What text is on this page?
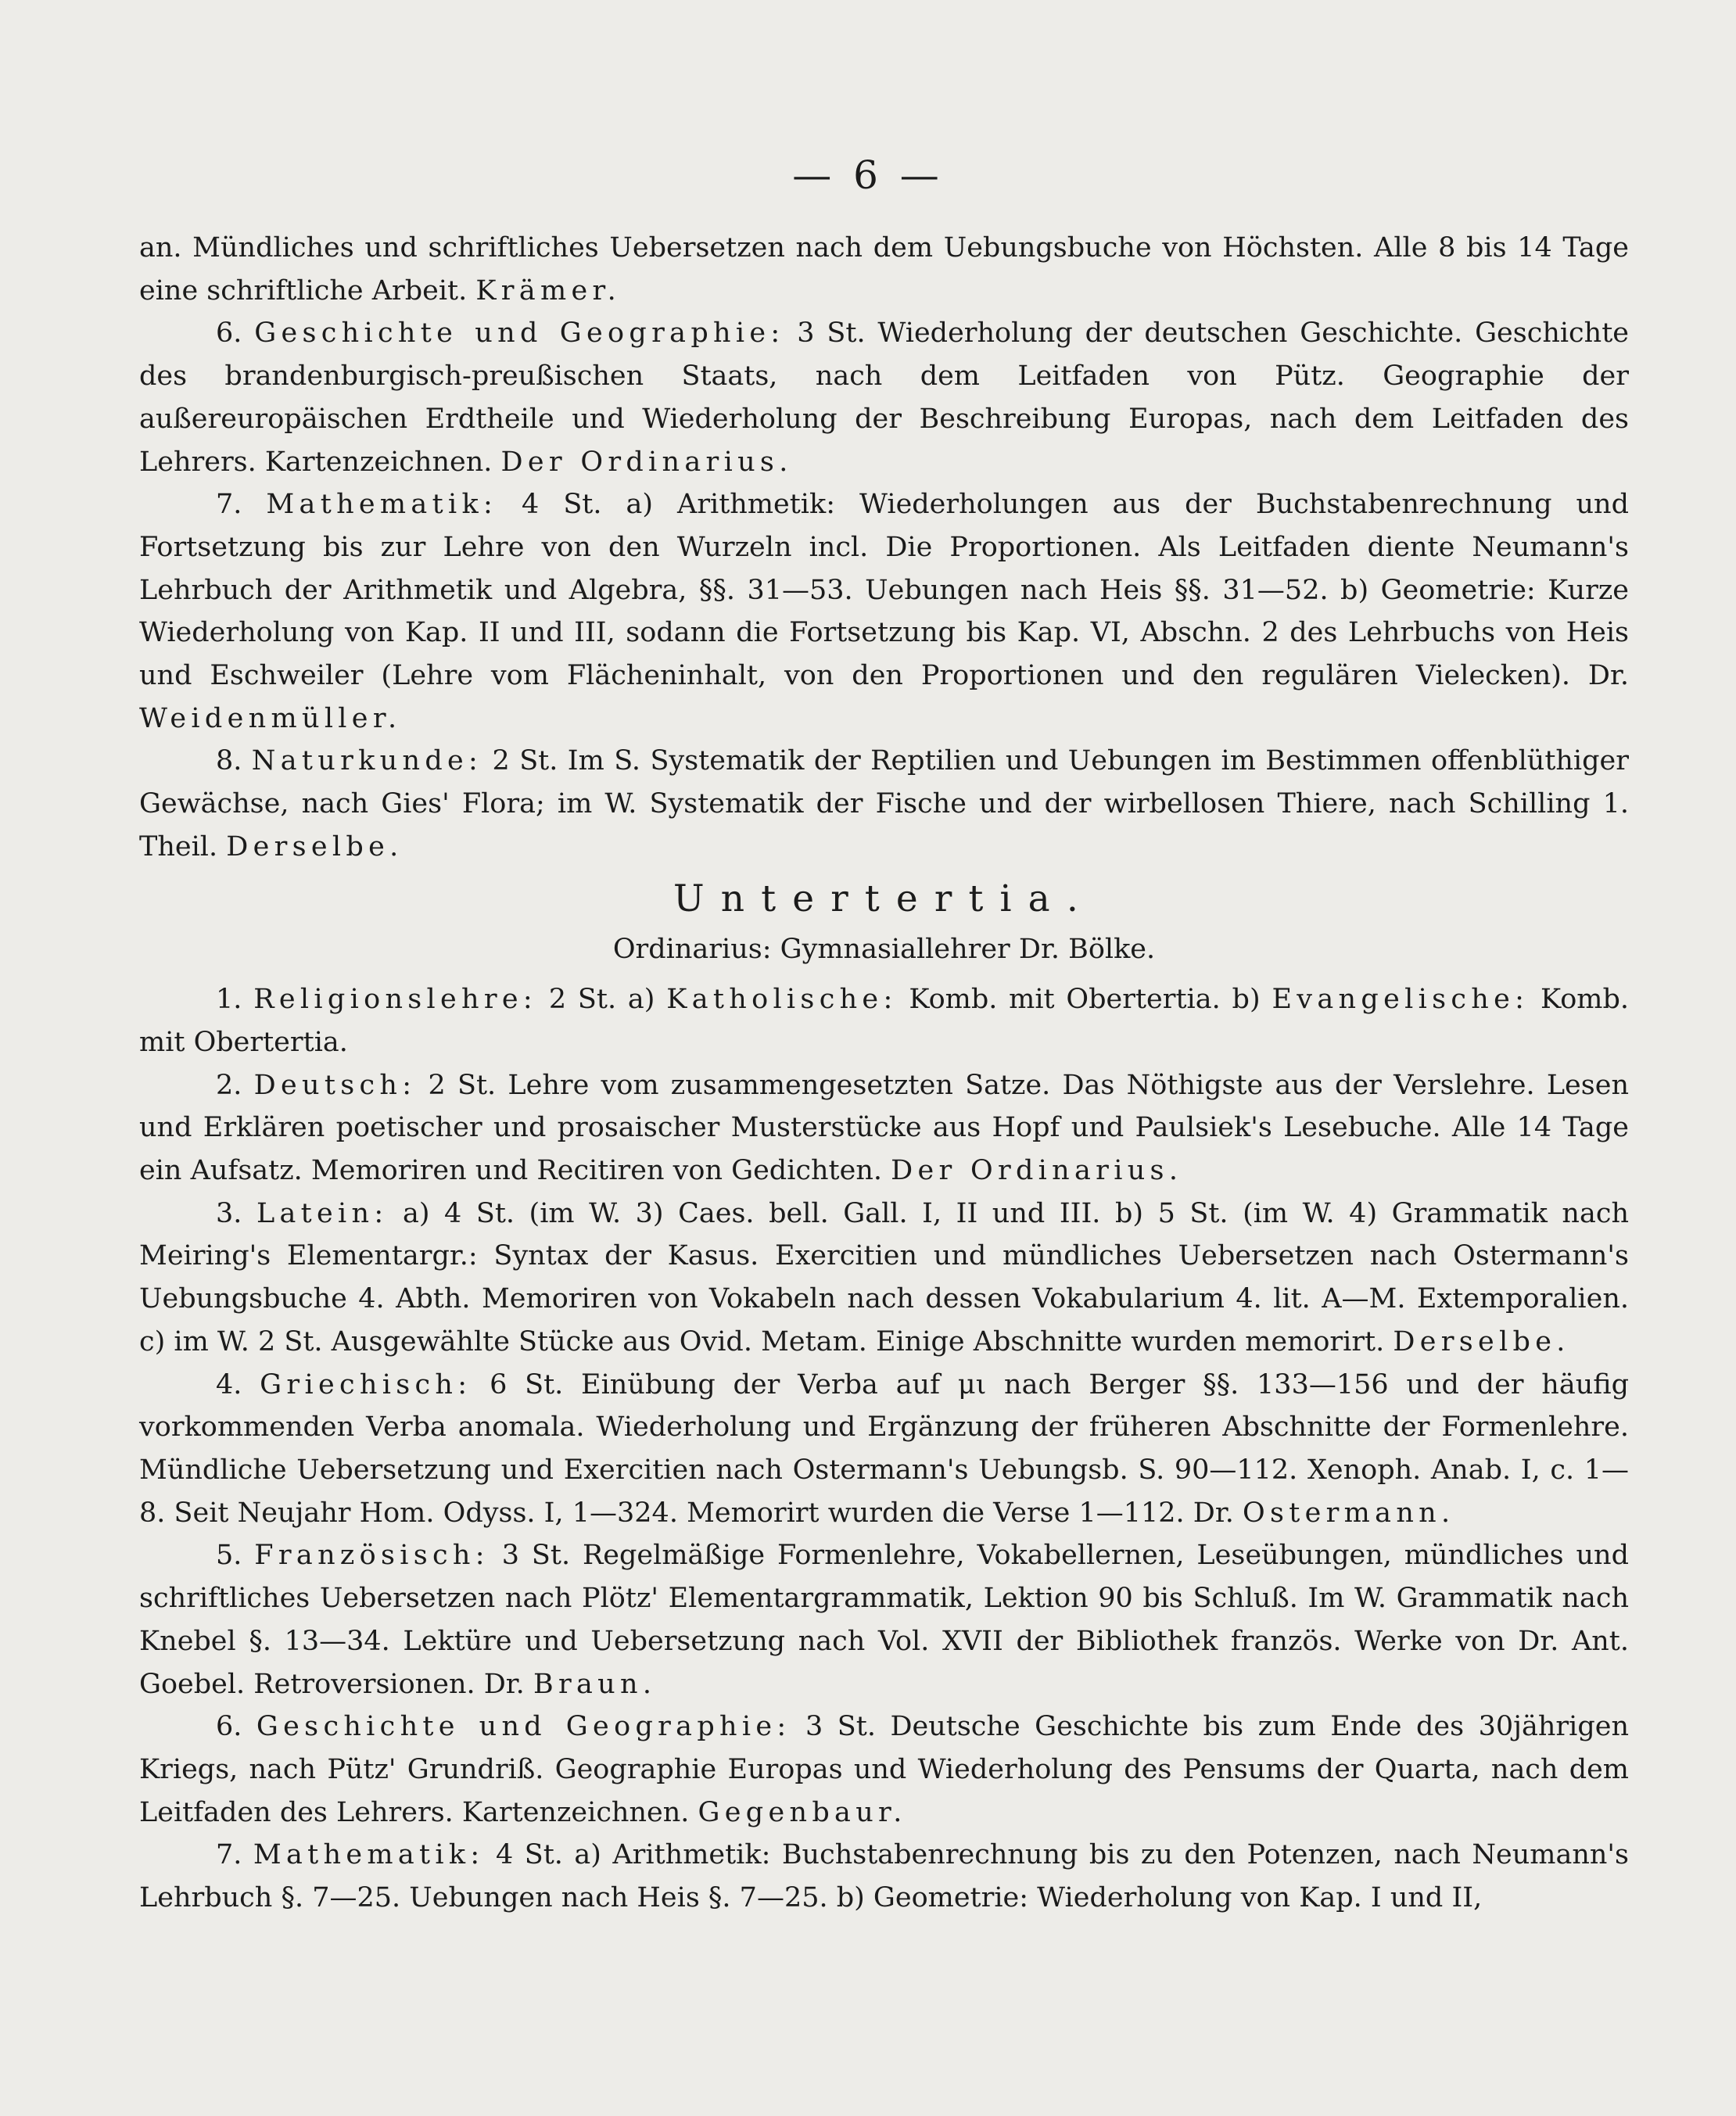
— 6 —

an. Mündliches und schriftliches Uebersetzen nach dem Uebungsbuche von Höchsten. Alle 8 bis 14 Tage eine schriftliche Arbeit. Krämer.

6. Geschichte und Geographie: 3 St. Wiederholung der deutschen Geschichte. Geschichte des brandenburgisch-preußischen Staats, nach dem Leitfaden von Pütz. Geographie der außereuropäischen Erdtheile und Wiederholung der Beschreibung Europas, nach dem Leitfaden des Lehrers. Kartenzeichnen. Der Ordinarius.

7. Mathematik: 4 St. a) Arithmetik: Wiederholungen aus der Buchstabenrechnung und Fortsetzung bis zur Lehre von den Wurzeln incl. Die Proportionen. Als Leitfaden diente Neumann's Lehrbuch der Arithmetik und Algebra, §§. 31—53. Uebungen nach Heis §§. 31—52. b) Geometrie: Kurze Wiederholung von Kap. II und III, sodann die Fortsetzung bis Kap. VI, Abschn. 2 des Lehrbuchs von Heis und Eschweiler (Lehre vom Flächeninhalt, von den Proportionen und den regulären Vielecken). Dr. Weidenmüller.

8. Naturkunde: 2 St. Im S. Systematik der Reptilien und Uebungen im Bestimmen offenblüthiger Gewächse, nach Gies' Flora; im W. Systematik der Fische und der wirbellosen Thiere, nach Schilling 1. Theil. Derselbe.

Untertertia.
Ordinarius: Gymnasiallehrer Dr. Bölke.

1. Religionslehre: 2 St. a) Katholische: Komb. mit Obertertia. b) Evangelische: Komb. mit Obertertia.

2. Deutsch: 2 St. Lehre vom zusammengesetzten Satze. Das Nöthigste aus der Verslehre. Lesen und Erklären poetischer und prosaischer Musterstücke aus Hopf und Paulsiek's Lesebuche. Alle 14 Tage ein Aufsatz. Memoriren und Recitiren von Gedichten. Der Ordinarius.

3. Latein: a) 4 St. (im W. 3) Caes. bell. Gall. I, II und III. b) 5 St. (im W. 4) Grammatik nach Meiring's Elementargr.: Syntax der Kasus. Exercitien und mündliches Uebersetzen nach Ostermann's Uebungsbuche 4. Abth. Memoriren von Vokabeln nach dessen Vokabularium 4. lit. A—M. Extemporalien. c) im W. 2 St. Ausgewählte Stücke aus Ovid. Metam. Einige Abschnitte wurden memorirt. Derselbe.

4. Griechisch: 6 St. Einübung der Verba auf μι nach Berger §§. 133—156 und der häufig vorkommenden Verba anomala. Wiederholung und Ergänzung der früheren Abschnitte der Formenlehre. Mündliche Uebersetzung und Exercitien nach Ostermann's Uebungsb. S. 90—112. Xenoph. Anab. I, c. 1—8. Seit Neujahr Hom. Odyss. I, 1—324. Memorirt wurden die Verse 1—112. Dr. Ostermann.

5. Französisch: 3 St. Regelmäßige Formenlehre, Vokabellernen, Leseübungen, mündliches und schriftliches Uebersetzen nach Plötz' Elementargrammatik, Lektion 90 bis Schluß. Im W. Grammatik nach Knebel §. 13—34. Lektüre und Uebersetzung nach Vol. XVII der Bibliothek französ. Werke von Dr. Ant. Goebel. Retroversionen. Dr. Braun.

6. Geschichte und Geographie: 3 St. Deutsche Geschichte bis zum Ende des 30jährigen Kriegs, nach Pütz' Grundriß. Geographie Europas und Wiederholung des Pensums der Quarta, nach dem Leitfaden des Lehrers. Kartenzeichnen. Gegenbaur.

7. Mathematik: 4 St. a) Arithmetik: Buchstabenrechnung bis zu den Potenzen, nach Neumann's Lehrbuch §. 7—25. Uebungen nach Heis §. 7—25. b) Geometrie: Wiederholung von Kap. I und II,
